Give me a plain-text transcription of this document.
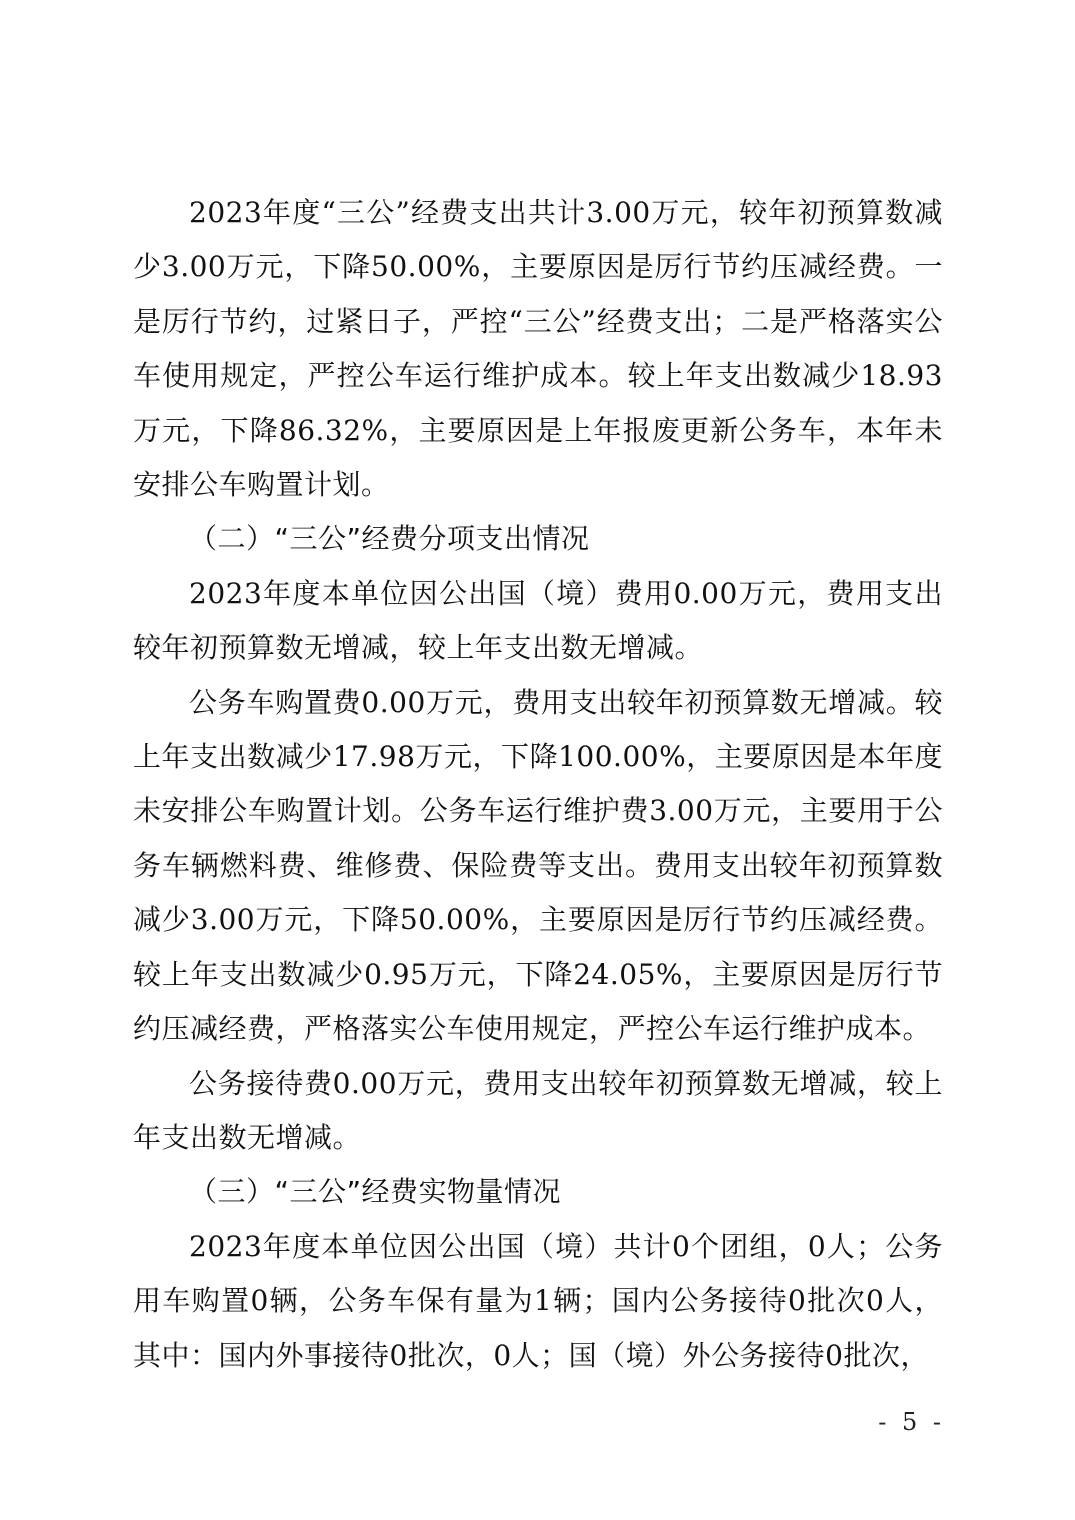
2023年度“三公”经费支出共计3.00万元，较年初预算数减少3.00万元，下降50.00%，主要原因是厉行节约压减经费。一是厉行节约，过紧日子，严控“三公”经费支出；二是严格落实公车使用规定，严控公车运行维护成本。较上年支出数减少18.93万元，下降86.32%，主要原因是上年报废更新公务车，本年未安排公车购置计划。

（二）“三公”经费分项支出情况

2023年度本单位因公出国（境）费用0.00万元，费用支出较年初预算数无增减，较上年支出数无增减。

公务车购置费0.00万元，费用支出较年初预算数无增减。较上年支出数减少17.98万元，下降100.00%，主要原因是本年度未安排公车购置计划。公务车运行维护费3.00万元，主要用于公务车辆燃料费、维修费、保险费等支出。费用支出较年初预算数减少3.00万元，下降50.00%，主要原因是厉行节约压减经费。较上年支出数减少0.95万元，下降24.05%，主要原因是厉行节约压减经费，严格落实公车使用规定，严控公车运行维护成本。

公务接待费0.00万元，费用支出较年初预算数无增减，较上年支出数无增减。

（三）“三公”经费实物量情况

2023年度本单位因公出国（境）共计0个团组，0人；公务用车购置0辆，公务车保有量为1辆；国内公务接待0批次0人，其中：国内外事接待0批次，0人；国（境）外公务接待0批次，

- 5 -
